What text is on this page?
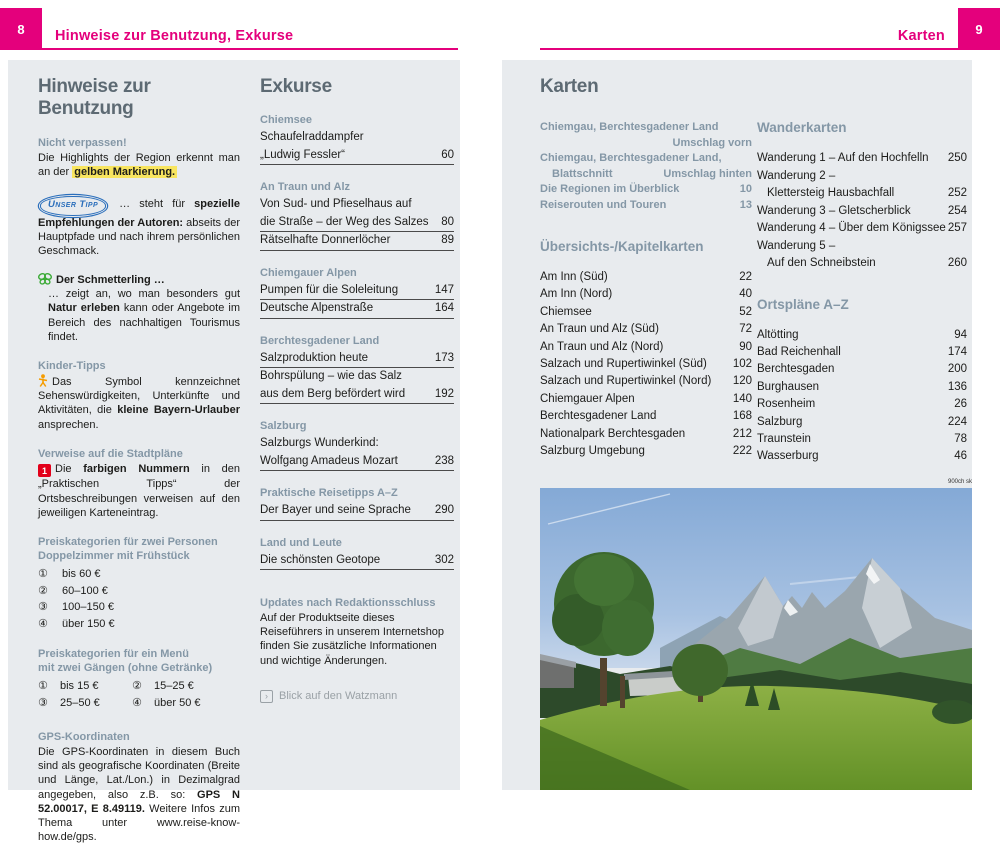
8 Hinweise zur Benutzung, Exkurse	Karten 9
Hinweise zur Benutzung
Nicht verpassen!

Die Highlights der Region erkennt man an der gelben Markierung.

Unser Tipp … steht für spezielle Empfehlungen der Autoren: abseits der Hauptpfade und nach ihrem persönlichen Geschmack.

Der Schmetterling …

… zeigt an, wo man besonders gut Natur erleben kann oder Angebote im Bereich des nachhaltigen Tourismus findet.

Kinder-Tipps

Das Symbol kennzeichnet Sehenswürdigkeiten, Unterkünfte und Aktivitäten, die kleine Bayern-Urlauber ansprechen.

Verweise auf die Stadtpläne

1 Die farbigen Nummern in den „Praktischen Tipps“ der Ortsbeschreibungen verweisen auf den jeweiligen Karteneintrag.

Preiskategorien für zwei Personen
Doppelzimmer mit Frühstück
①	bis 60 €
②	60–100 €
③	100–150 €
④	über 150 €
Preiskategorien für ein Menü
mit zwei Gängen (ohne Getränke)
①	bis 15 €	②	15–25 €
③	25–50 €	④	über 50 €
GPS-Koordinaten

Die GPS-Koordinaten in diesem Buch sind als geografische Koordinaten (Breite und Länge, Lat./Lon.) in Dezimalgrad angegeben, also z.B. so: GPS N 52.00017, E 8.49119. Weitere Infos zum Thema unter www.reise-know-how.de/gps.

Exkurse
Chiemsee
Schaufelraddampfer
„Ludwig Fessler“	60
An Traun und Alz
Von Sud- und Pfieselhaus auf
die Straße – der Weg des Salzes 80
Rätselhafte Donnerlöcher	89
Chiemgauer Alpen
Pumpen für die Soleleitung	147
Deutsche Alpenstraße	164
Berchtesgadener Land
Salzproduktion heute	173
Bohrspülung – wie das Salz
aus dem Berg befördert wird	192
Salzburg
Salzburgs Wunderkind:
Wolfgang Amadeus Mozart	238
Praktische Reisetipps A–Z
Der Bayer und seine Sprache 290
Land und Leute
Die schönsten Geotope	302
Updates nach Redaktionsschluss

Auf der Produktseite dieses Reiseführers in unserem Internetshop finden Sie zusätzliche Informationen und wichtige Änderungen.

›	Blick auf den Watzmann
Karten
Chiemgau, Berchtesgadener Land
Umschlag vorn
Chiemgau, Berchtesgadener Land,
Blattschnitt	Umschlag hinten
Die Regionen im Überblick	10
Reiserouten und Touren	13
Übersichts-/Kapitelkarten
Am Inn (Süd)	22
Am Inn (Nord)	40
Chiemsee	52
An Traun und Alz (Süd)	72
An Traun und Alz (Nord)	90
Salzach und Rupertiwinkel (Süd) 102
Salzach und Rupertiwinkel (Nord) 120
Chiemgauer Alpen	140
Berchtesgadener Land	168
Nationalpark Berchtesgaden	212
Salzburg Umgebung	222
Wanderkarten
Wanderung 1 – Auf den Hochfelln 250
Wanderung 2 –
Klettersteig Hausbachfall	252
Wanderung 3 – Gletscherblick	254
Wanderung 4 – Über dem Königssee 257
Wanderung 5 –
Auf den Schneibstein	260
Ortspläne A–Z
Altötting	94
Bad Reichenhall	174
Berchtesgaden	200
Burghausen	136
Rosenheim	26
Salzburg	224
Traunstein	78
Wasserburg	46
900ch sk
